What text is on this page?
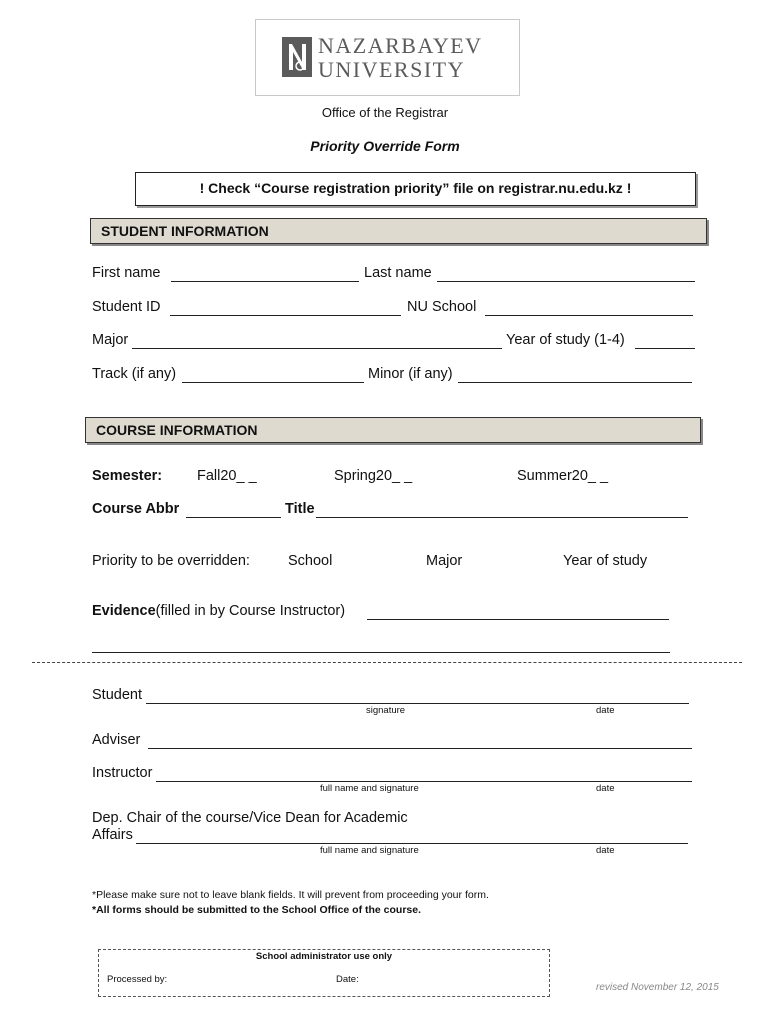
NAZARBAYEV
UNIVERSITY
Office of the Registrar
Priority Override Form
! Check “Course registration priority” file on registrar.nu.edu.kz !
STUDENT INFORMATION
First name	Last name
Student ID	NU School
Major	Year of study (1-4)
Track (if any)	Minor (if any)
COURSE INFORMATION
Semester: Fall20_ _	Spring20_ _	Summer20_ _
Course Abbr	Title
Priority to be overridden:	School	Major	Year of study
Evidence(filled in by Course Instructor)
Student
signature	date
Adviser
Instructor
full name and signature	date
Dep. Chair of the course/Vice Dean for Academic
Affairs
full name and signature	date
*Please make sure not to leave blank fields. It will prevent from proceeding your form.
*All forms should be submitted to the School Office of the course.
School administrator use only
Processed by:	Date:
revised November 12, 2015
